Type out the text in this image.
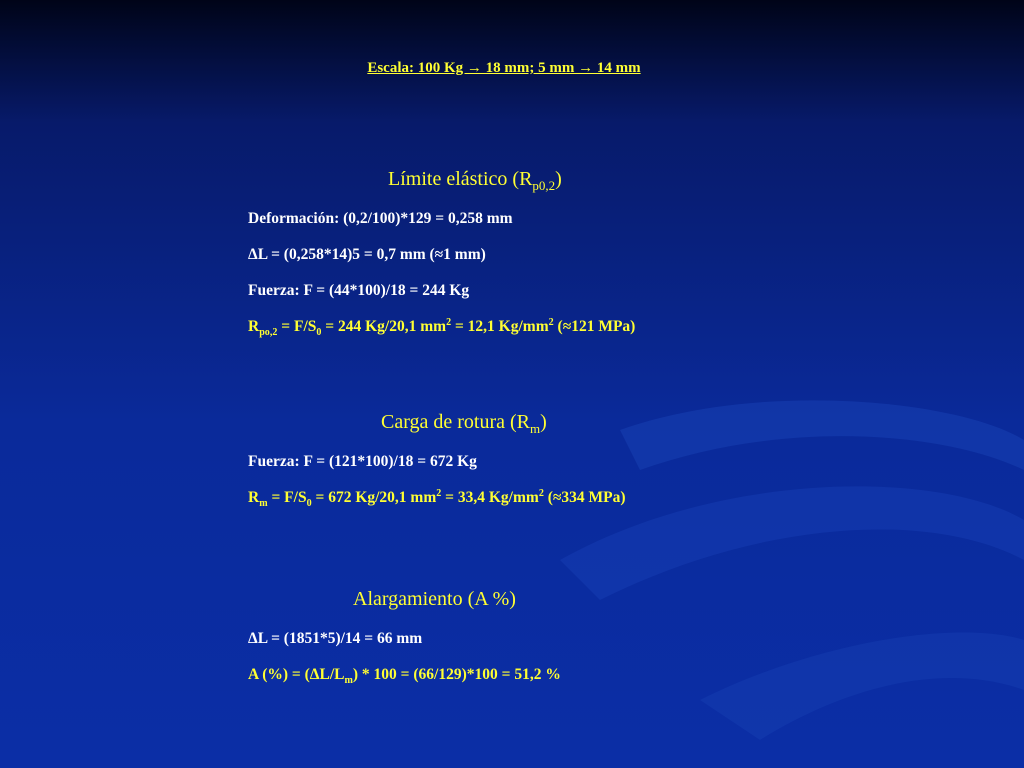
Escala: 100 Kg → 18 mm; 5 mm → 14 mm
Límite elástico $(R_{p0,2})$
Deformación: (0,2/100)*129 = 0,258 mm
ΔL = (0,258*14)5 = 0,7 mm (≈1 mm)
Fuerza: F = (44*100)/18 = 244 Kg
$R_{po,2} = F/S_0 = 244$ Kg/20,1 $mm^2 = 12,1$ $Kg/mm^2$ (≈121 MPa)
Carga de rotura $(R_m)$
Fuerza: F = (121*100)/18 = 672 Kg
$R_m = F/S_0 = 672$ Kg/20,1 $mm^2 = 33,4$ $Kg/mm^2$ (≈334 MPa)
Alargamiento (A %)
ΔL = (1851*5)/14 = 66 mm
A (%) = $(\Delta L/L_m) * 100 = (66/129)*100 = 51,2$ %
